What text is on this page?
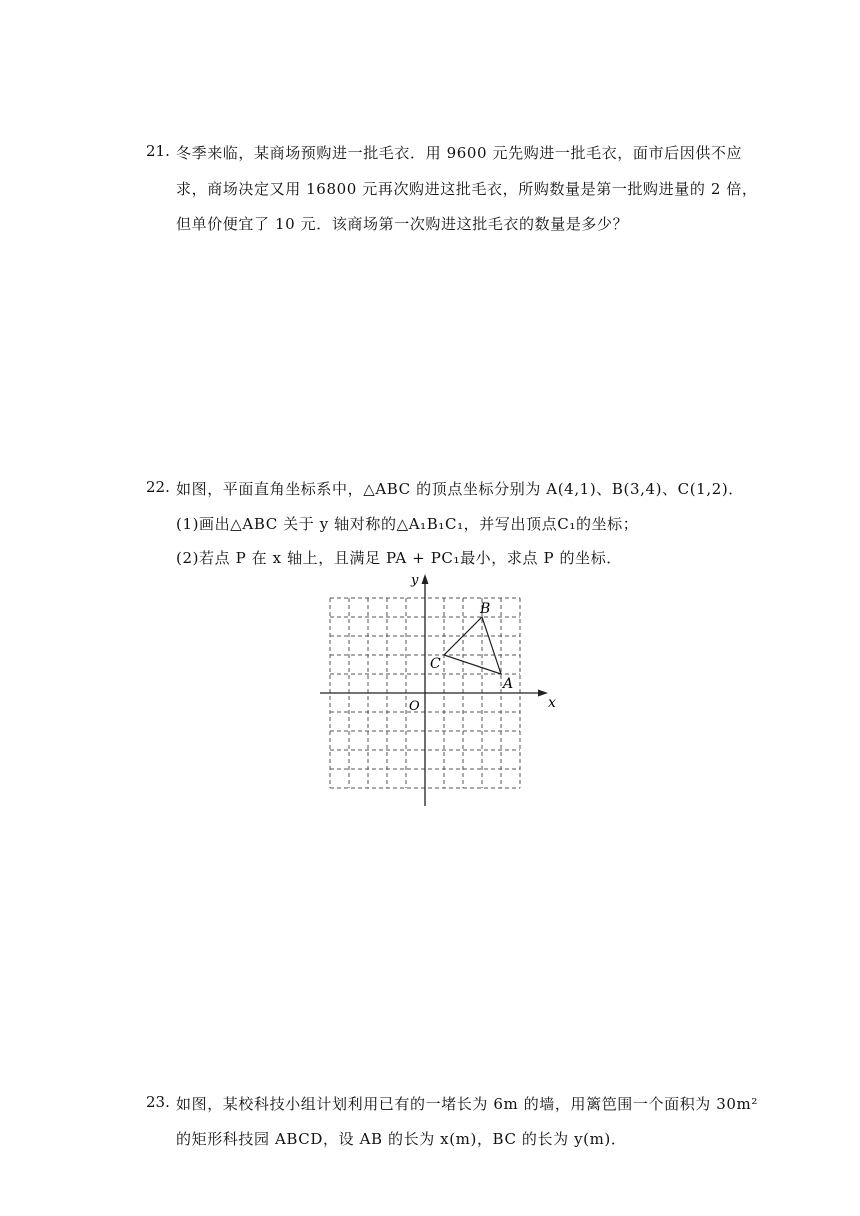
21. 冬季来临，某商场预购进一批毛衣．用 9600 元先购进一批毛衣，面市后因供不应
求，商场决定又用 16800 元再次购进这批毛衣，所购数量是第一批购进量的 2 倍，
但单价便宜了 10 元．该商场第一次购进这批毛衣的数量是多少？
22. 如图，平面直角坐标系中，△ABC 的顶点坐标分别为 A(4,1)、B(3,4)、C(1,2)．
(1)画出△ABC 关于 y 轴对称的△A₁B₁C₁，并写出顶点C₁的坐标；
(2)若点 P 在 x 轴上，且满足 PA + PC₁最小，求点 P 的坐标．
A
B
C
x
y
O
23. 如图，某校科技小组计划利用已有的一堵长为 6m 的墙，用篱笆围一个面积为 30m²
的矩形科技园 ABCD，设 AB 的长为 x(m)，BC 的长为 y(m)．
